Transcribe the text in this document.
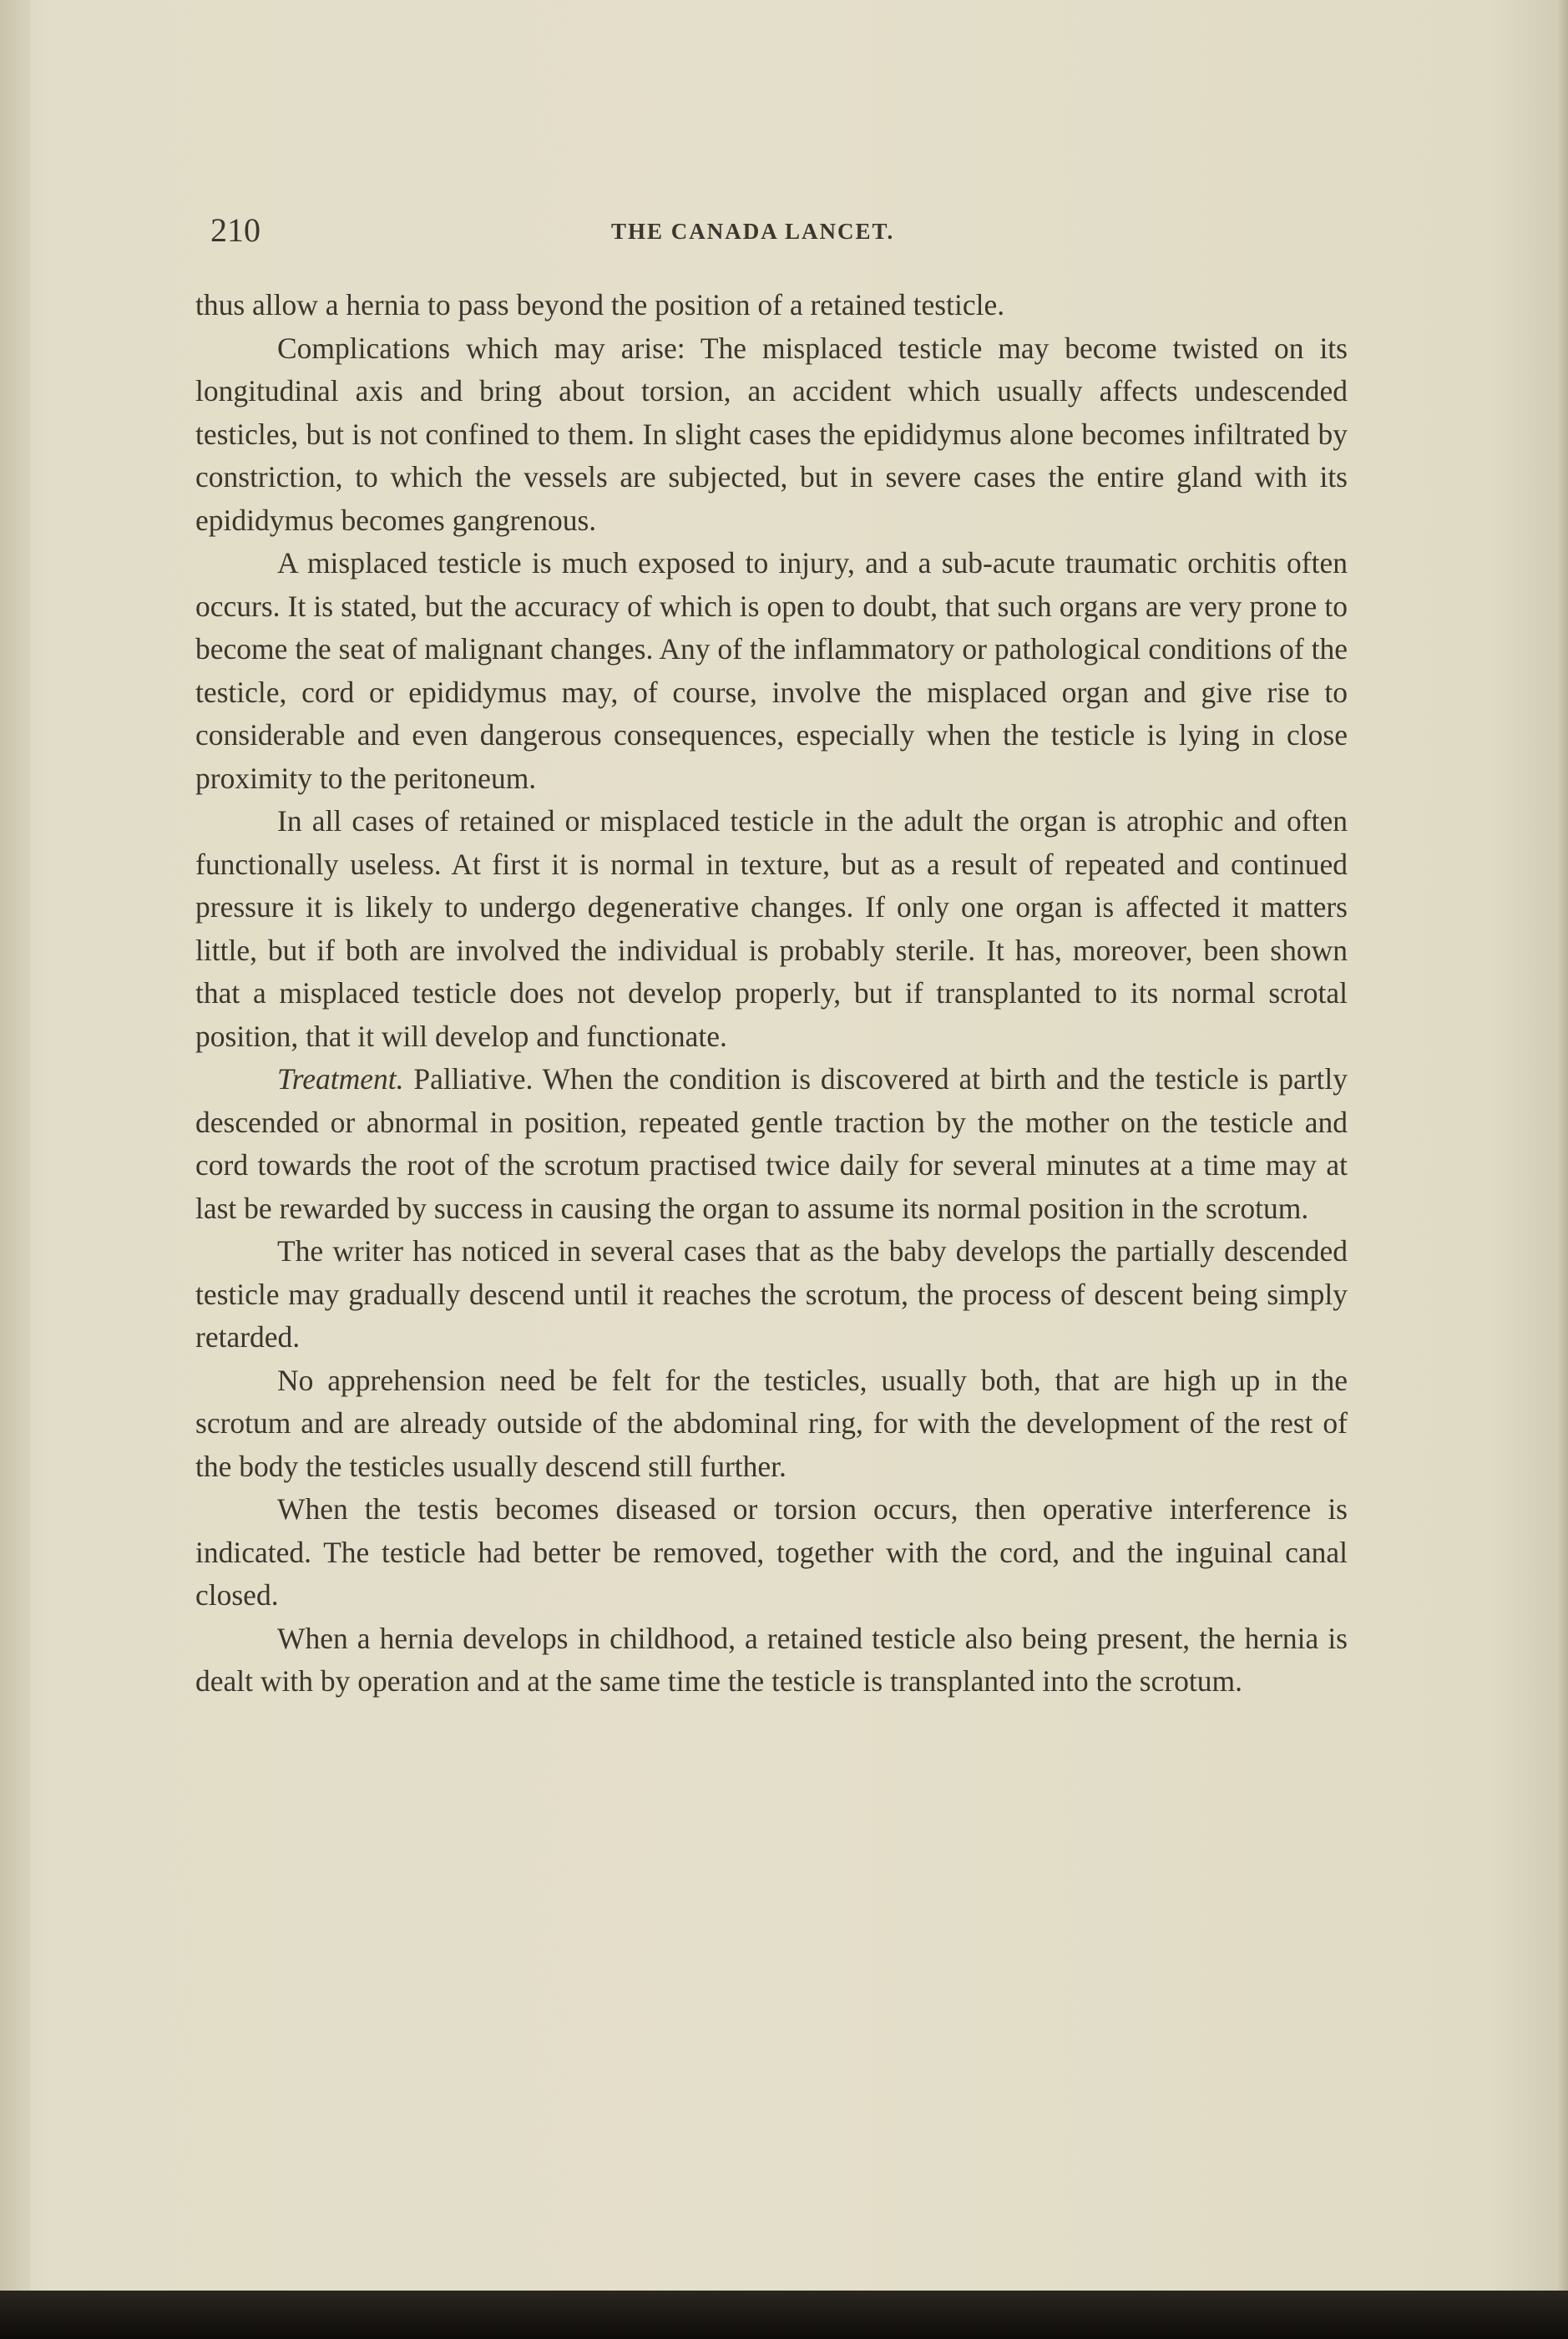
210	THE CANADA LANCET.

thus allow a hernia to pass beyond the position of a retained testicle.

Complications which may arise: The misplaced testicle may become twisted on its longitudinal axis and bring about torsion, an accident which usually affects undescended testicles, but is not confined to them. In slight cases the epididymus alone becomes infiltrated by constriction, to which the vessels are subjected, but in severe cases the entire gland with its epididymus becomes gangrenous.

A misplaced testicle is much exposed to injury, and a sub-acute traumatic orchitis often occurs. It is stated, but the accuracy of which is open to doubt, that such organs are very prone to become the seat of malignant changes. Any of the inflammatory or pathological conditions of the testicle, cord or epididymus may, of course, involve the misplaced organ and give rise to considerable and even dangerous consequences, especially when the testicle is lying in close proximity to the peritoneum.

In all cases of retained or misplaced testicle in the adult the organ is atrophic and often functionally useless. At first it is normal in texture, but as a result of repeated and continued pressure it is likely to undergo degenerative changes. If only one organ is affected it matters little, but if both are involved the individual is probably sterile. It has, moreover, been shown that a misplaced testicle does not develop properly, but if transplanted to its normal scrotal position, that it will develop and functionate.

Treatment. Palliative. When the condition is discovered at birth and the testicle is partly descended or abnormal in position, repeated gentle traction by the mother on the testicle and cord towards the root of the scrotum practised twice daily for several minutes at a time may at last be rewarded by success in causing the organ to assume its normal position in the scrotum.

The writer has noticed in several cases that as the baby develops the partially descended testicle may gradually descend until it reaches the scrotum, the process of descent being simply retarded.

No apprehension need be felt for the testicles, usually both, that are high up in the scrotum and are already outside of the abdominal ring, for with the development of the rest of the body the testicles usually descend still further.

When the testis becomes diseased or torsion occurs, then operative interference is indicated. The testicle had better be removed, together with the cord, and the inguinal canal closed.

When a hernia develops in childhood, a retained testicle also being present, the hernia is dealt with by operation and at the same time the testicle is transplanted into the scrotum.
